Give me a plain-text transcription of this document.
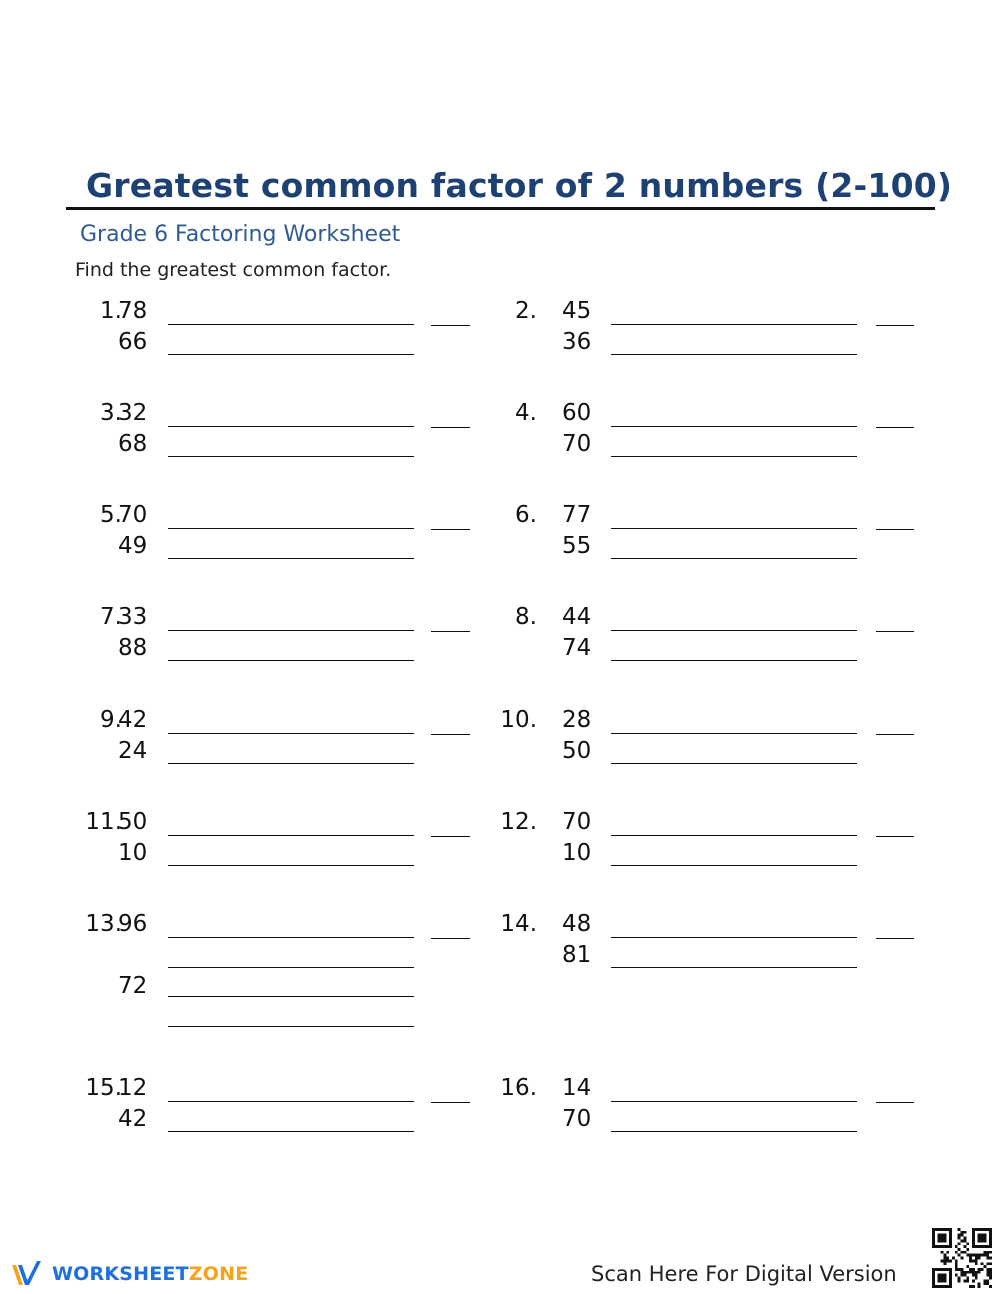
Greatest common factor of 2 numbers (2-100)
Grade 6 Factoring Worksheet
Find the greatest common factor.
1.
78
66
2. 45
36
3.
32
68
4. 60
70
5.
70
49
6. 77
55
7.
33
88
8. 44
74
9.
42
24
10. 28
50
11.
50
10
12. 70
10
13.
96
72
14. 48
81
15.
12
42
16. 14
70
WORKSHEETZONE	Scan Here For Digital Version
